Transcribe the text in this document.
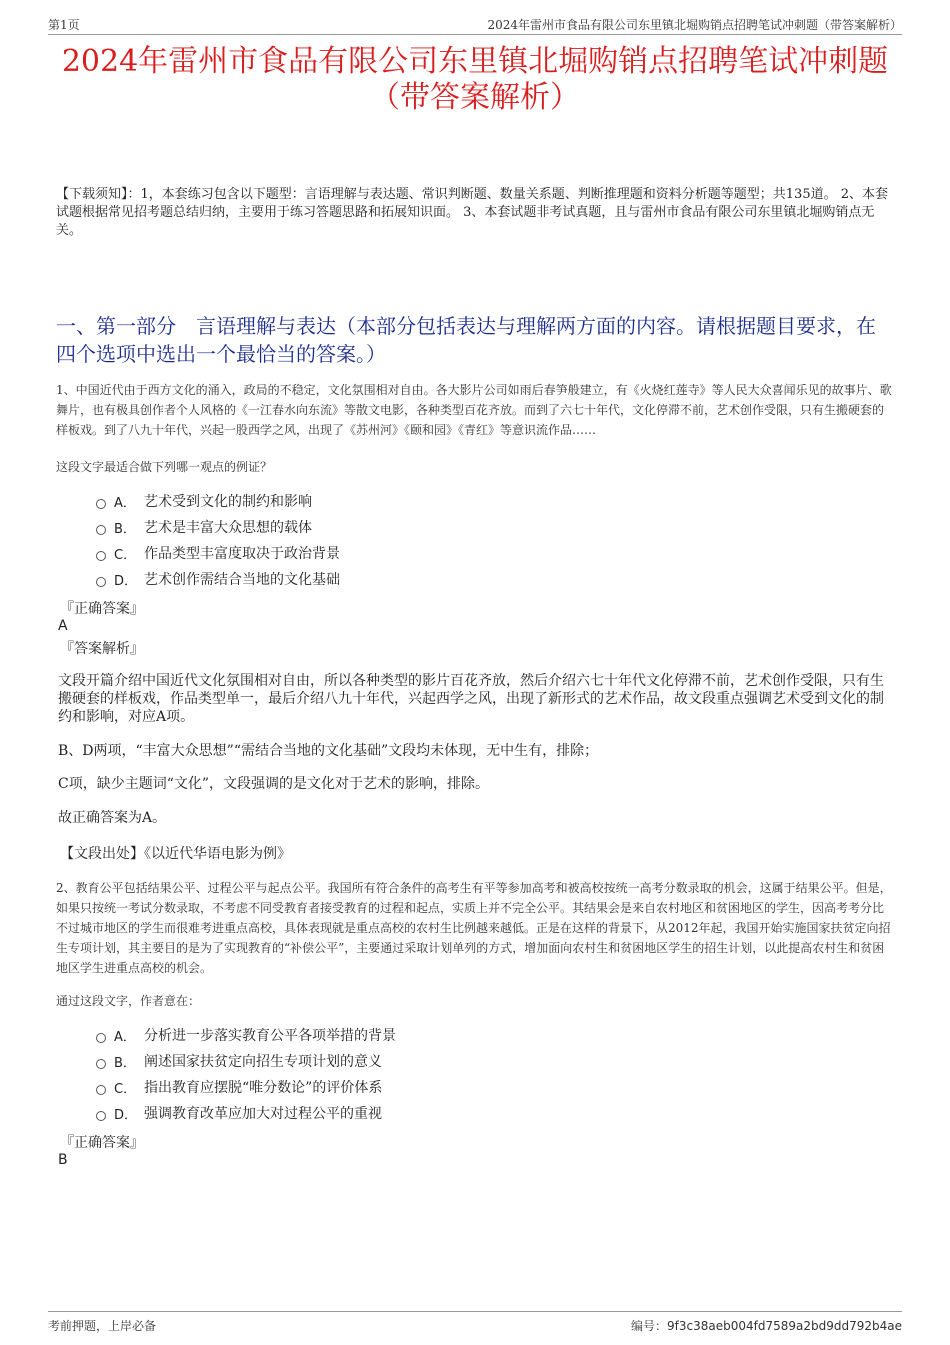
第1页	2024年雷州市食品有限公司东里镇北堀购销点招聘笔试冲刺题（带答案解析）
2024年雷州市食品有限公司东里镇北堀购销点招聘笔试冲刺题
（带答案解析）
【下载须知】：1，本套练习包含以下题型：言语理解与表达题、常识判断题、数量关系题、判断推理题和资料分析题等题型；共135道。 2、本套试题根据常见招考题总结归纳，主要用于练习答题思路和拓展知识面。 3、本套试题非考试真题，且与雷州市食品有限公司东里镇北堀购销点无关。
一、第一部分　言语理解与表达（本部分包括表达与理解两方面的内容。请根据题目要求，在四个选项中选出一个最恰当的答案。）
1、中国近代由于西方文化的涌入，政局的不稳定，文化氛围相对自由。各大影片公司如雨后春笋般建立，有《火烧红莲寺》等人民大众喜闻乐见的故事片、歌舞片，也有极具创作者个人风格的《一江春水向东流》等散文电影，各种类型百花齐放。而到了六七十年代，文化停滞不前，艺术创作受限，只有生搬硬套的样板戏。到了八九十年代，兴起一股西学之风，出现了《苏州河》《颐和园》《青红》等意识流作品……
这段文字最适合做下列哪一观点的例证？
A． 艺术受到文化的制约和影响
B． 艺术是丰富大众思想的载体
C． 作品类型丰富度取决于政治背景
D． 艺术创作需结合当地的文化基础
『正确答案』
A
『答案解析』
文段开篇介绍中国近代文化氛围相对自由，所以各种类型的影片百花齐放，然后介绍六七十年代文化停滞不前，艺术创作受限，只有生搬硬套的样板戏，作品类型单一，最后介绍八九十年代，兴起西学之风，出现了新形式的艺术作品，故文段重点强调艺术受到文化的制约和影响，对应A项。
B、D两项，“丰富大众思想”“需结合当地的文化基础”文段均未体现，无中生有，排除；
C项，缺少主题词“文化”，文段强调的是文化对于艺术的影响，排除。
故正确答案为A。
【文段出处】《以近代华语电影为例》
2、教育公平包括结果公平、过程公平与起点公平。我国所有符合条件的高考生有平等参加高考和被高校按统一高考分数录取的机会，这属于结果公平。但是，如果只按统一考试分数录取，不考虑不同受教育者接受教育的过程和起点，实质上并不完全公平。其结果会是来自农村地区和贫困地区的学生，因高考考分比不过城市地区的学生而很难考进重点高校，具体表现就是重点高校的农村生比例越来越低。正是在这样的背景下，从2012年起，我国开始实施国家扶贫定向招生专项计划，其主要目的是为了实现教育的“补偿公平”，主要通过采取计划单列的方式，增加面向农村生和贫困地区学生的招生计划，以此提高农村生和贫困地区学生进重点高校的机会。
通过这段文字，作者意在：
A． 分析进一步落实教育公平各项举措的背景
B． 阐述国家扶贫定向招生专项计划的意义
C． 指出教育应摆脱“唯分数论”的评价体系
D． 强调教育改革应加大对过程公平的重视
『正确答案』
B
考前押题，上岸必备	编号：9f3c38aeb004fd7589a2bd9dd792b4ae
